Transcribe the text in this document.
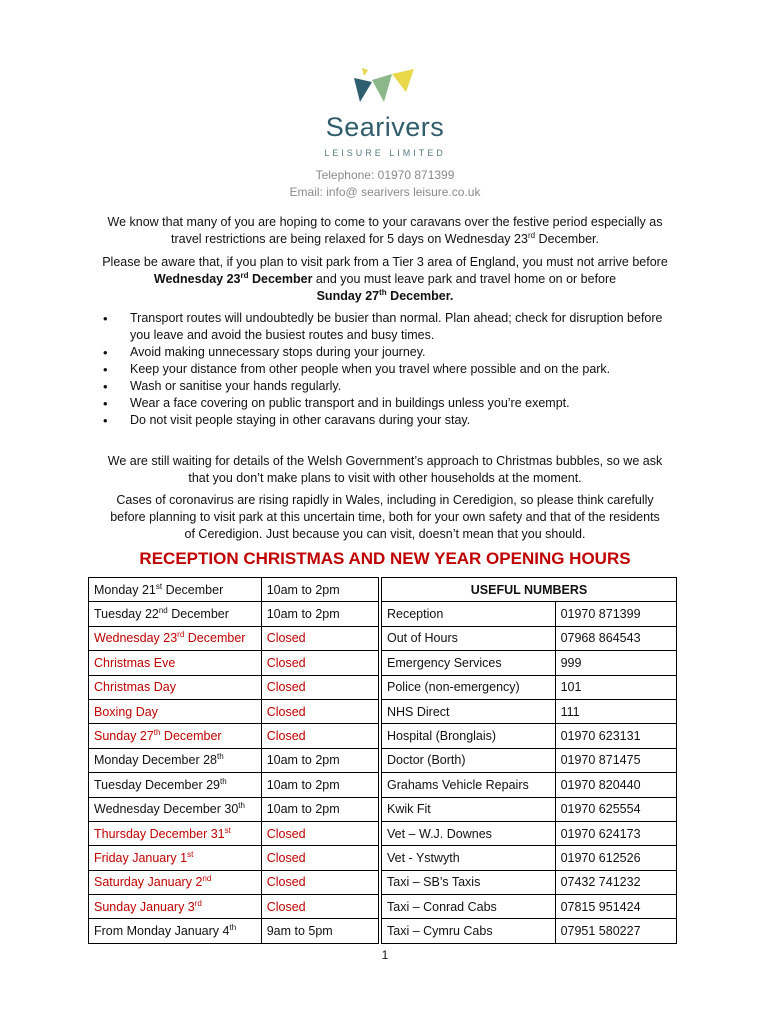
Searivers
LEISURE LIMITED
Telephone: 01970 871399
Email: info@ searivers leisure.co.uk
We know that many of you are hoping to come to your caravans over the festive period especially as
travel restrictions are being relaxed for 5 days on Wednesday 23rd December.
Please be aware that, if you plan to visit park from a Tier 3 area of England, you must not arrive before
Wednesday 23rd December and you must leave park and travel home on or before
Sunday 27th December.
• Transport routes will undoubtedly be busier than normal. Plan ahead; check for disruption before you leave and avoid the busiest routes and busy times.
• Avoid making unnecessary stops during your journey.
• Keep your distance from other people when you travel where possible and on the park.
• Wash or sanitise your hands regularly.
• Wear a face covering on public transport and in buildings unless you’re exempt.
• Do not visit people staying in other caravans during your stay.
We are still waiting for details of the Welsh Government’s approach to Christmas bubbles, so we ask
that you don’t make plans to visit with other households at the moment.
Cases of coronavirus are rising rapidly in Wales, including in Ceredigion, so please think carefully
before planning to visit park at this uncertain time, both for your own safety and that of the residents
of Ceredigion. Just because you can visit, doesn’t mean that you should.
RECEPTION CHRISTMAS AND NEW YEAR OPENING HOURS
Monday 21st December	10am to 2pm
Tuesday 22nd December	10am to 2pm
Wednesday 23rd December	Closed
Christmas Eve	Closed
Christmas Day	Closed
Boxing Day	Closed
Sunday 27th December	Closed
Monday December 28th	10am to 2pm
Tuesday December 29th	10am to 2pm
Wednesday December 30th	10am to 2pm
Thursday December 31st	Closed
Friday January 1st	Closed
Saturday January 2nd	Closed
Sunday January 3rd	Closed
From Monday January 4th	9am to 5pm
USEFUL NUMBERS	
Reception	01970 871399
Out of Hours	07968 864543
Emergency Services	999
Police (non-emergency)	101
NHS Direct	111
Hospital (Bronglais)	01970 623131
Doctor (Borth)	01970 871475
Grahams Vehicle Repairs	01970 820440
Kwik Fit	01970 625554
Vet – W.J. Downes	01970 624173
Vet - Ystwyth	01970 612526
Taxi – SB’s Taxis	07432 741232
Taxi – Conrad Cabs	07815 951424
Taxi – Cymru Cabs	07951 580227
1
